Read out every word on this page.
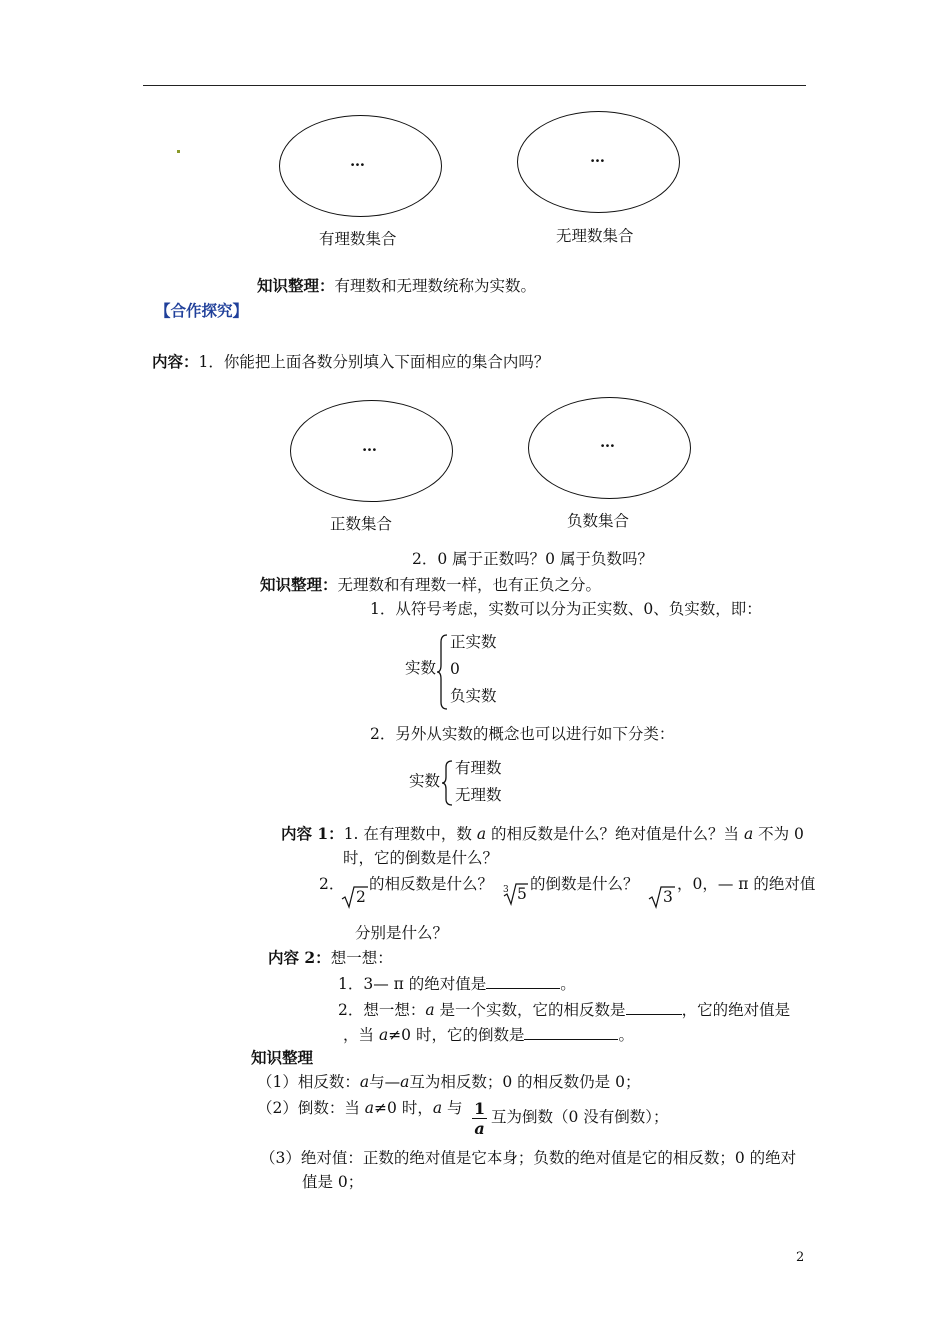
…	…
有理数集合	无理数集合
知识整理：有理数和无理数统称为实数。
【合作探究】
内容：1．你能把上面各数分别填入下面相应的集合内吗？
…	…
正数集合	负数集合
2．0 属于正数吗？0 属于负数吗？
知识整理：无理数和有理数一样，也有正负之分。
1．从符号考虑，实数可以分为正实数、0、负实数，即：
实数
正实数
0
负实数
2．另外从实数的概念也可以进行如下分类：
实数
有理数
无理数
内容 1：1. 在有理数中，数 a 的相反数是什么？绝对值是什么？当 a 不为 0
时，它的倒数是什么？
2．
2
的相反数是什么？ 3 5
的倒数是什么？
3
，0，— π 的绝对值
分别是什么？
内容 2：想一想：
1．3— π 的绝对值是	。
2．想一想：a 是一个实数，它的相反数是	，它的绝对值是
，当 a≠0 时，它的倒数是	。
知识整理
（1）相反数：a与—a互为相反数；0 的相反数仍是 0；
（2）倒数：当 a≠0 时，a 与 $\frac{1}{a}$ 互为倒数（0 没有倒数）；
（3）绝对值：正数的绝对值是它本身；负数的绝对值是它的相反数；0 的绝对
值是 0；
2
